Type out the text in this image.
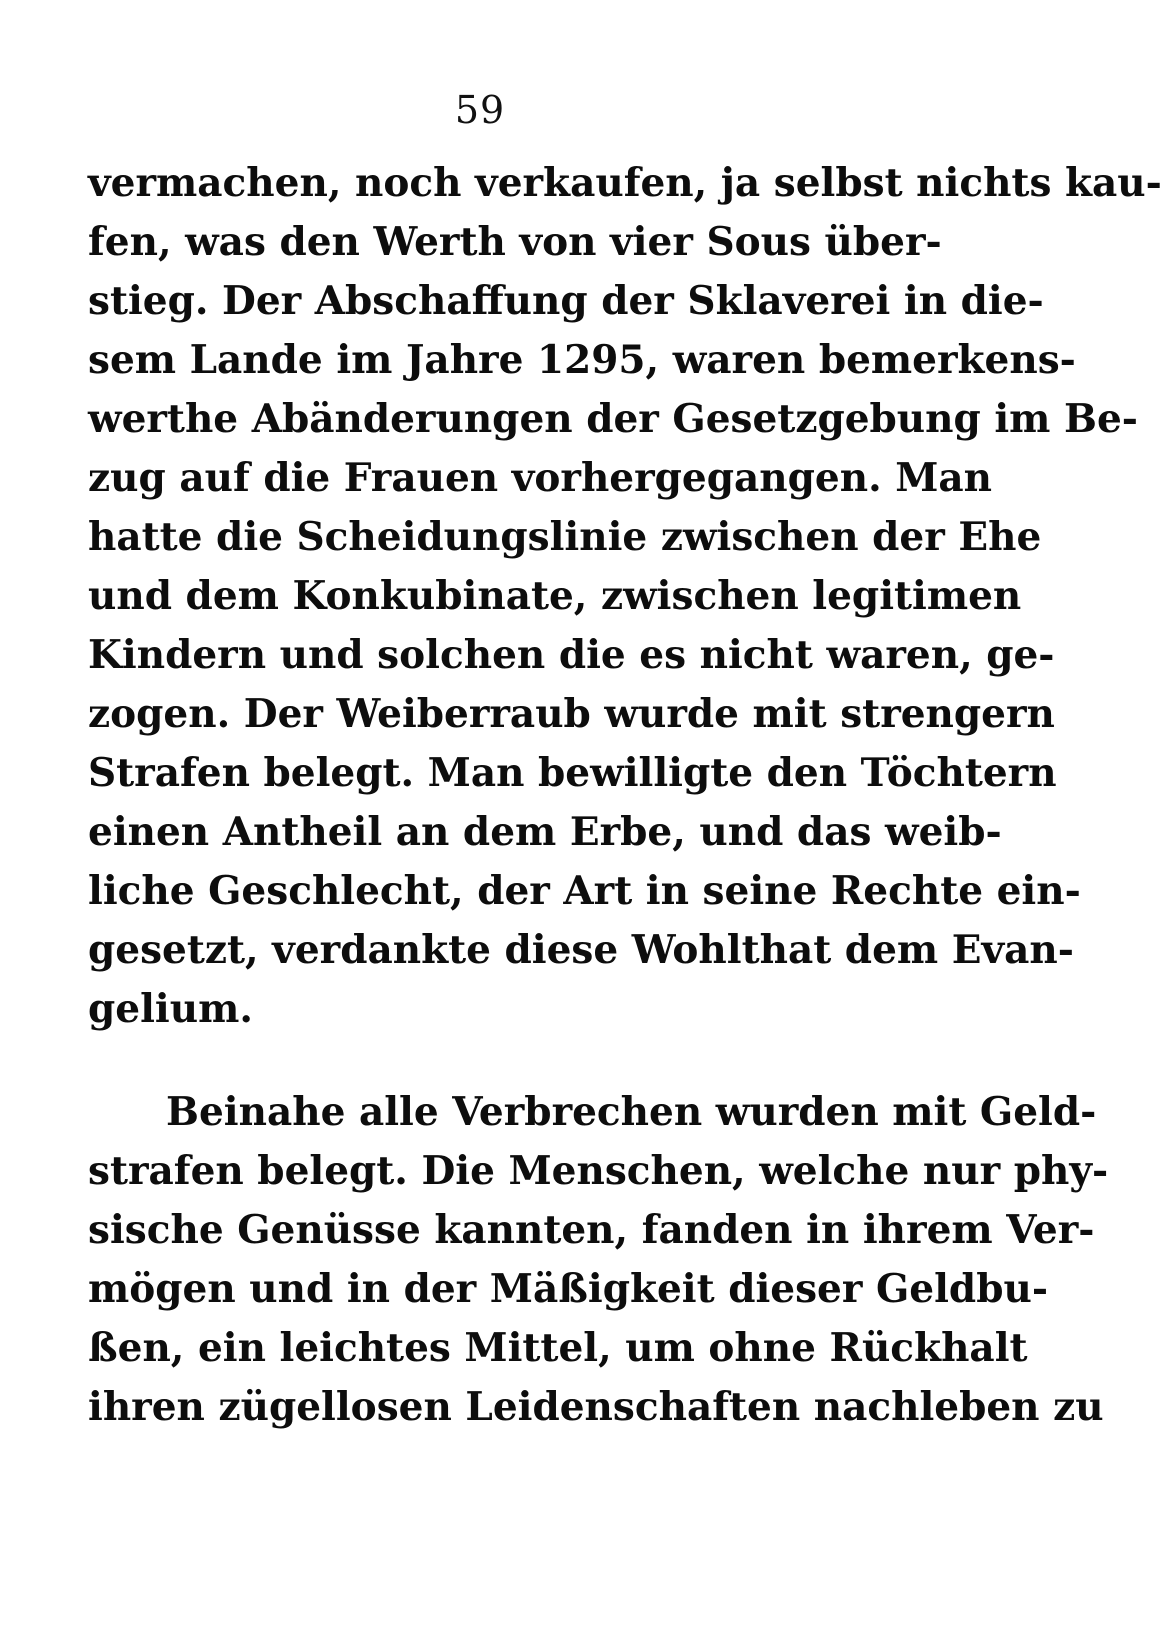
59
vermachen, noch verkaufen, ja selbst nichts kau-
fen, was den Werth von vier Sous über-
stieg. Der Abschaffung der Sklaverei in die-
sem Lande im Jahre 1295, waren bemerkens-
werthe Abänderungen der Gesetzgebung im Be-
zug auf die Frauen vorhergegangen. Man
hatte die Scheidungslinie zwischen der Ehe
und dem Konkubinate, zwischen legitimen
Kindern und solchen die es nicht waren, ge-
zogen. Der Weiberraub wurde mit strengern
Strafen belegt. Man bewilligte den Töchtern
einen Antheil an dem Erbe, und das weib-
liche Geschlecht, der Art in seine Rechte ein-
gesetzt, verdankte diese Wohlthat dem Evan-
gelium.
Beinahe alle Verbrechen wurden mit Geld-
strafen belegt. Die Menschen, welche nur phy-
sische Genüsse kannten, fanden in ihrem Ver-
mögen und in der Mäßigkeit dieser Geldbu-
ßen, ein leichtes Mittel, um ohne Rückhalt
ihren zügellosen Leidenschaften nachleben zu
